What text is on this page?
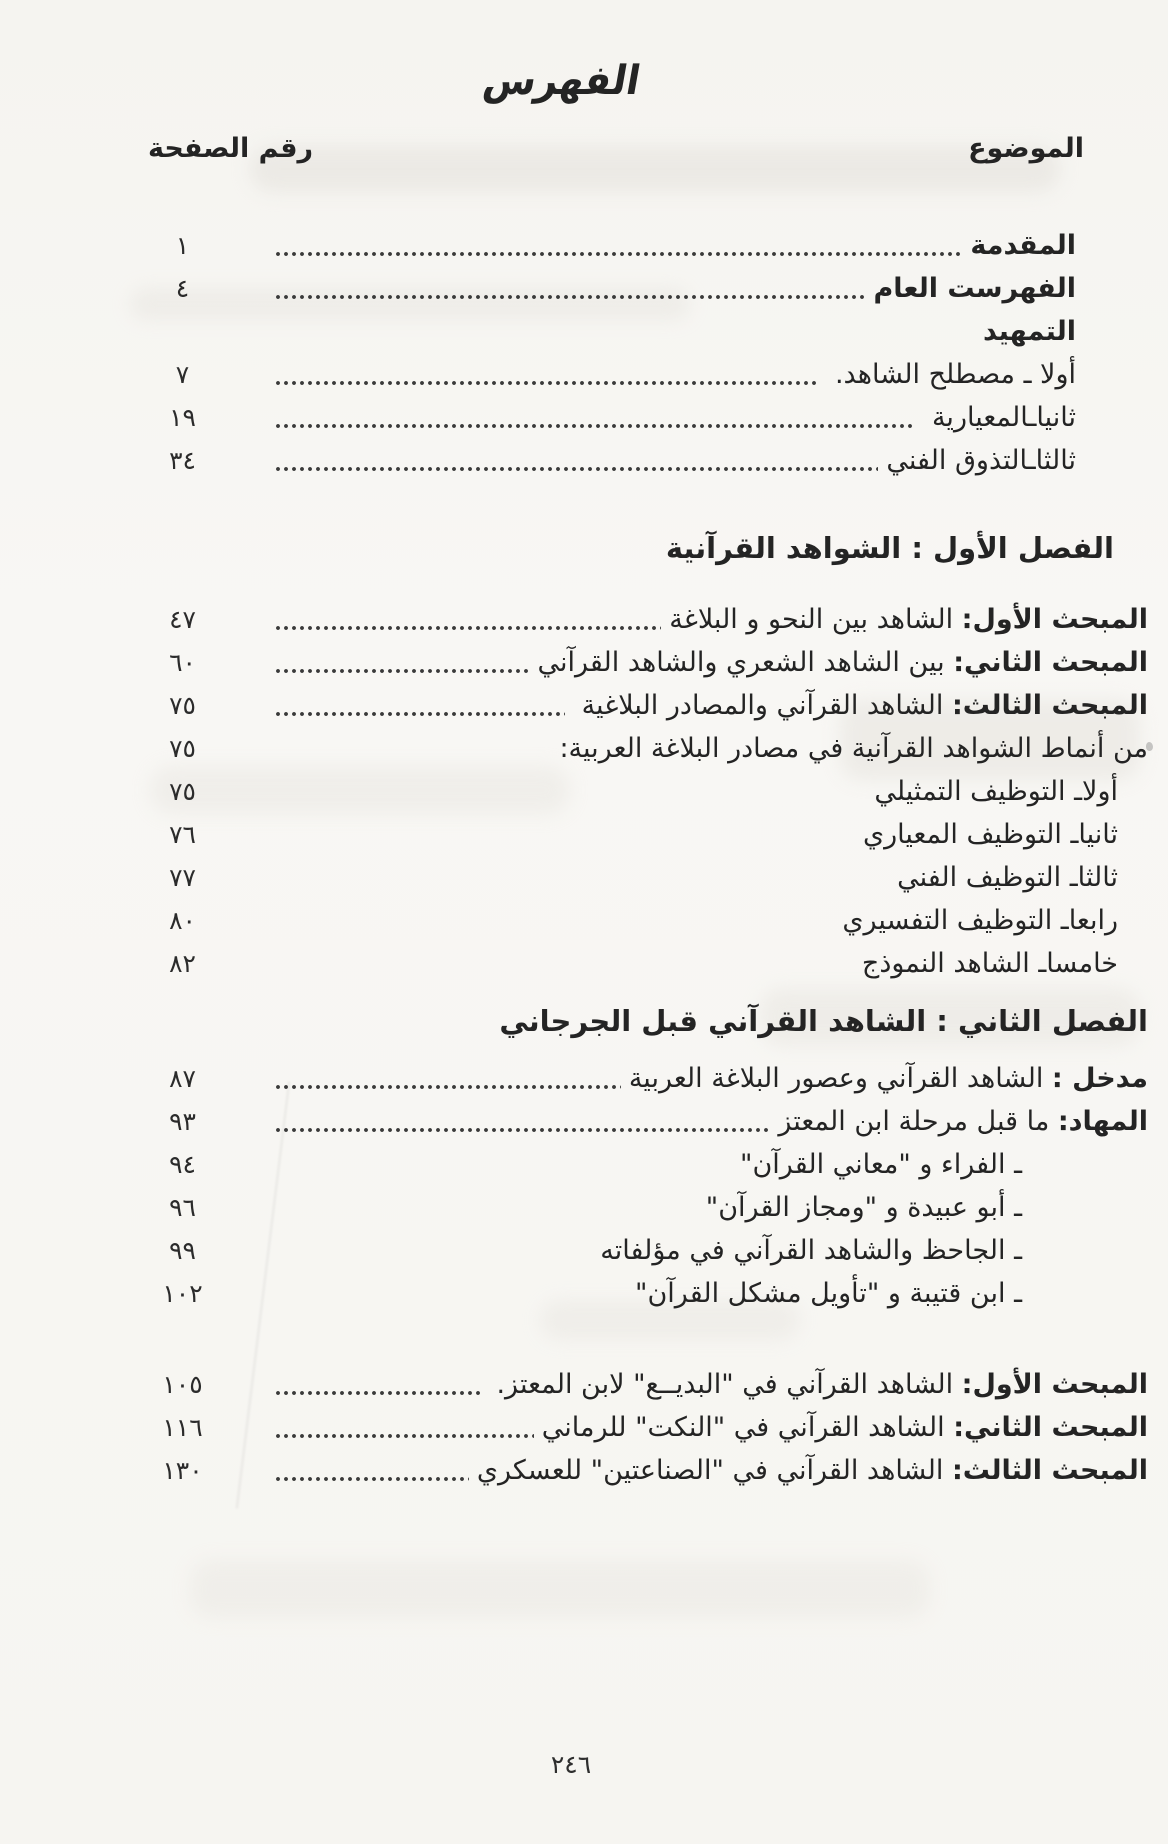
الفهرس
الموضوع
رقم الصفحة
المقدمة
١
الفهرست العام
٤
التمهيد
أولا ـ مصطلح الشاهد.
٧
ثانياـالمعيارية
١٩
ثالثاـالتذوق الفني
٣٤
الفصل الأول : الشواهد القرآنية
المبحث الأول:
الشاهد بين النحو و البلاغة
٤٧
المبحث الثاني:
بين الشاهد الشعري والشاهد القرآني
٦٠
المبحث الثالث:
الشاهد القرآني والمصادر البلاغية
٧٥
من أنماط الشواهد القرآنية في مصادر البلاغة العربية:
٧٥
أولاـ التوظيف التمثيلي
٧٥
ثانياـ التوظيف المعياري
٧٦
ثالثاـ التوظيف الفني
٧٧
رابعاـ التوظيف التفسيري
٨٠
خامساـ الشاهد النموذج
٨٢
الفصل الثاني : الشاهد القرآني قبل الجرجاني
مدخل :
الشاهد القرآني وعصور البلاغة العربية
٨٧
المهاد:
ما قبل مرحلة ابن المعتز
٩٣
ـ الفراء و "معاني القرآن"
٩٤
ـ أبو عبيدة و "ومجاز القرآن"
٩٦
ـ الجاحظ والشاهد القرآني في مؤلفاته
٩٩
ـ ابن قتيبة و "تأويل مشكل القرآن"
١٠٢
المبحث الأول:
الشاهد القرآني في "البديــع" لابن المعتز.
١٠٥
المبحث الثاني:
الشاهد القرآني في "النكت" للرماني
١١٦
المبحث الثالث:
الشاهد القرآني في "الصناعتين" للعسكري
١٣٠
٢٤٦
